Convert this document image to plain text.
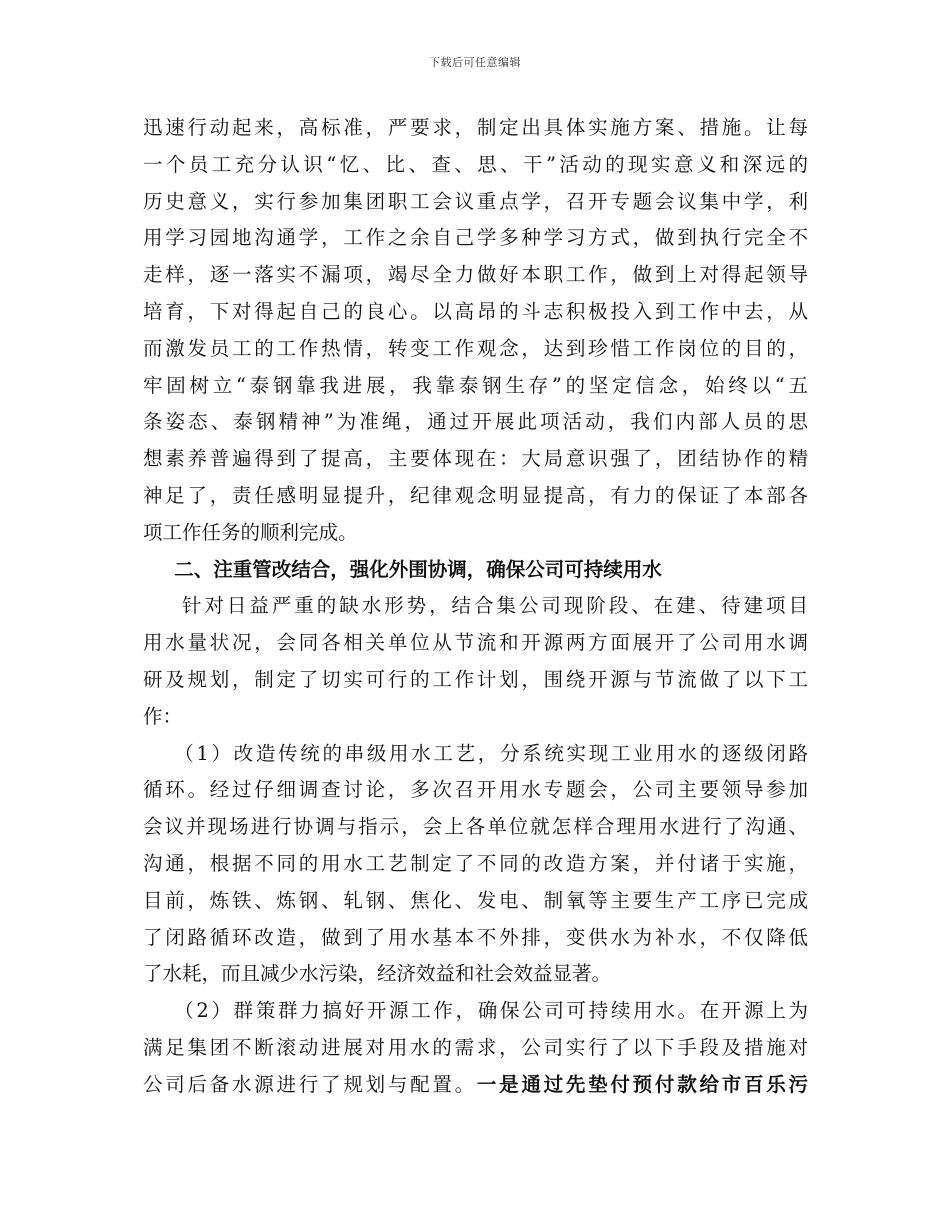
下载后可任意编辑
迅速行动起来，高标准，严要求，制定出具体实施方案、措施。让每
一个员工充分认识“忆、比、查、思、干”活动的现实意义和深远的
历史意义，实行参加集团职工会议重点学，召开专题会议集中学，利
用学习园地沟通学，工作之余自己学多种学习方式，做到执行完全不
走样，逐一落实不漏项，竭尽全力做好本职工作，做到上对得起领导
培育，下对得起自己的良心。以高昂的斗志积极投入到工作中去，从
而激发员工的工作热情，转变工作观念，达到珍惜工作岗位的目的，
牢固树立“泰钢靠我进展，我靠泰钢生存”的坚定信念，始终以“五
条姿态、泰钢精神”为准绳，通过开展此项活动，我们内部人员的思
想素养普遍得到了提高，主要体现在：大局意识强了，团结协作的精
神足了，责任感明显提升，纪律观念明显提高，有力的保证了本部各
项工作任务的顺利完成。
二、注重管改结合，强化外围协调，确保公司可持续用水
针对日益严重的缺水形势，结合集公司现阶段、在建、待建项目
用水量状况，会同各相关单位从节流和开源两方面展开了公司用水调
研及规划，制定了切实可行的工作计划，围绕开源与节流做了以下工
作：
（1）改造传统的串级用水工艺，分系统实现工业用水的逐级闭路
循环。经过仔细调查讨论，多次召开用水专题会，公司主要领导参加
会议并现场进行协调与指示，会上各单位就怎样合理用水进行了沟通、
沟通，根据不同的用水工艺制定了不同的改造方案，并付诸于实施，
目前，炼铁、炼钢、轧钢、焦化、发电、制氧等主要生产工序已完成
了闭路循环改造，做到了用水基本不外排，变供水为补水，不仅降低
了水耗，而且减少水污染，经济效益和社会效益显著。
（2）群策群力搞好开源工作，确保公司可持续用水。在开源上为
满足集团不断滚动进展对用水的需求，公司实行了以下手段及措施对
公司后备水源进行了规划与配置。一是通过先垫付预付款给市百乐污
